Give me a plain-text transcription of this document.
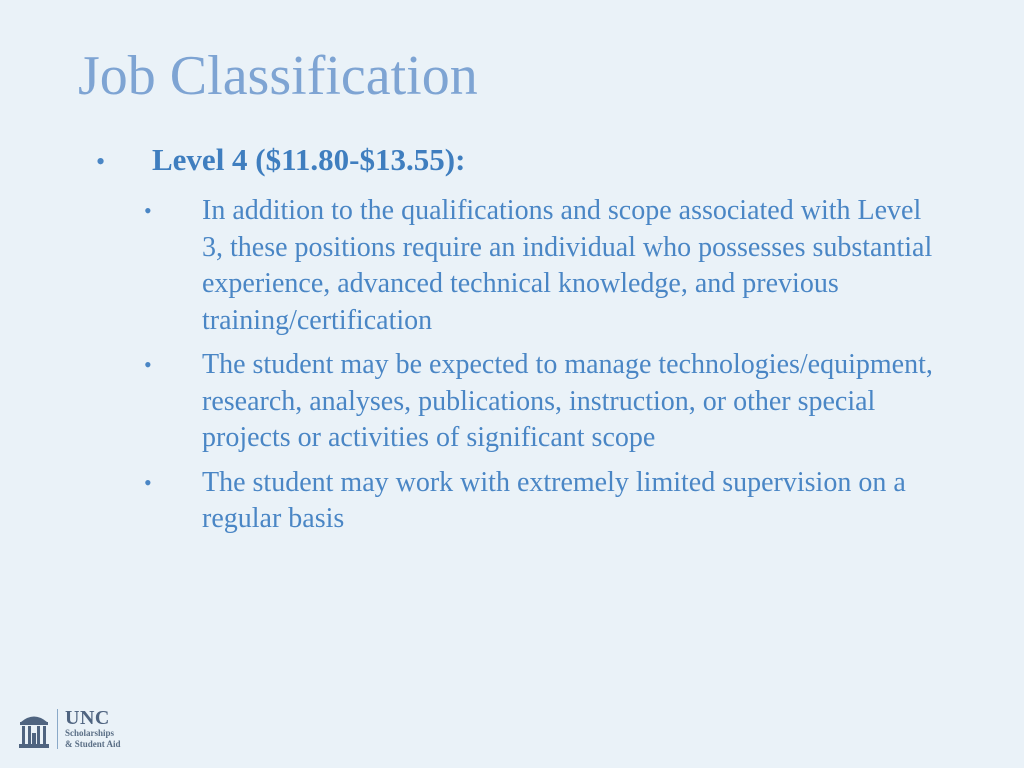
Job Classification
•	Level 4 ($11.80-$13.55):
•	In addition to the qualifications and scope associated with Level 3, these positions require an individual who possesses substantial experience, advanced technical knowledge, and previous training/certification
•	The student may be expected to manage technologies/equipment, research, analyses, publications, instruction, or other special projects or activities of significant scope
•	The student may work with extremely limited supervision on a regular basis
UNC
Scholarships
& Student Aid
